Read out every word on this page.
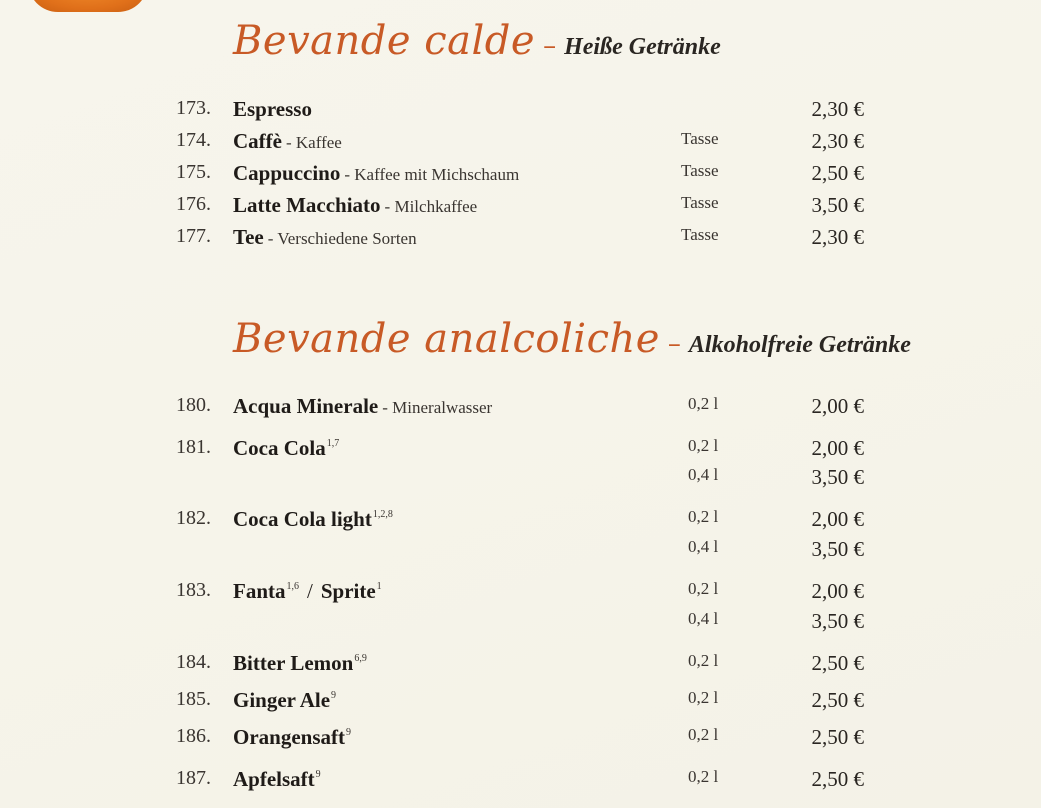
Bevande calde – Heiße Getränke
173. Espresso	2,30 €
174. Caffè - Kaffee	Tasse	2,30 €
175. Cappuccino - Kaffee mit Michschaum	Tasse	2,50 €
176. Latte Macchiato - Milchkaffee	Tasse	3,50 €
177. Tee - Verschiedene Sorten	Tasse	2,30 €
Bevande analcoliche – Alkoholfreie Getränke
180. Acqua Minerale - Mineralwasser	0,2 l	2,00 €
181. Coca Cola$^{1,7}$	0,2 l	2,00 €
0,4 l	3,50 €
182. Coca Cola light$^{1,2,8}$	0,2 l	2,00 €
0,4 l	3,50 €
183. Fanta$^{1,6}$ / Sprite$^1$	0,2 l	2,00 €
0,4 l	3,50 €
184. Bitter Lemon$^{6,9}$	0,2 l	2,50 €
185. Ginger Ale$^9$	0,2 l	2,50 €
186. Orangensaft$^9$	0,2 l	2,50 €
187. Apfelsaft$^9$	0,2 l	2,50 €
